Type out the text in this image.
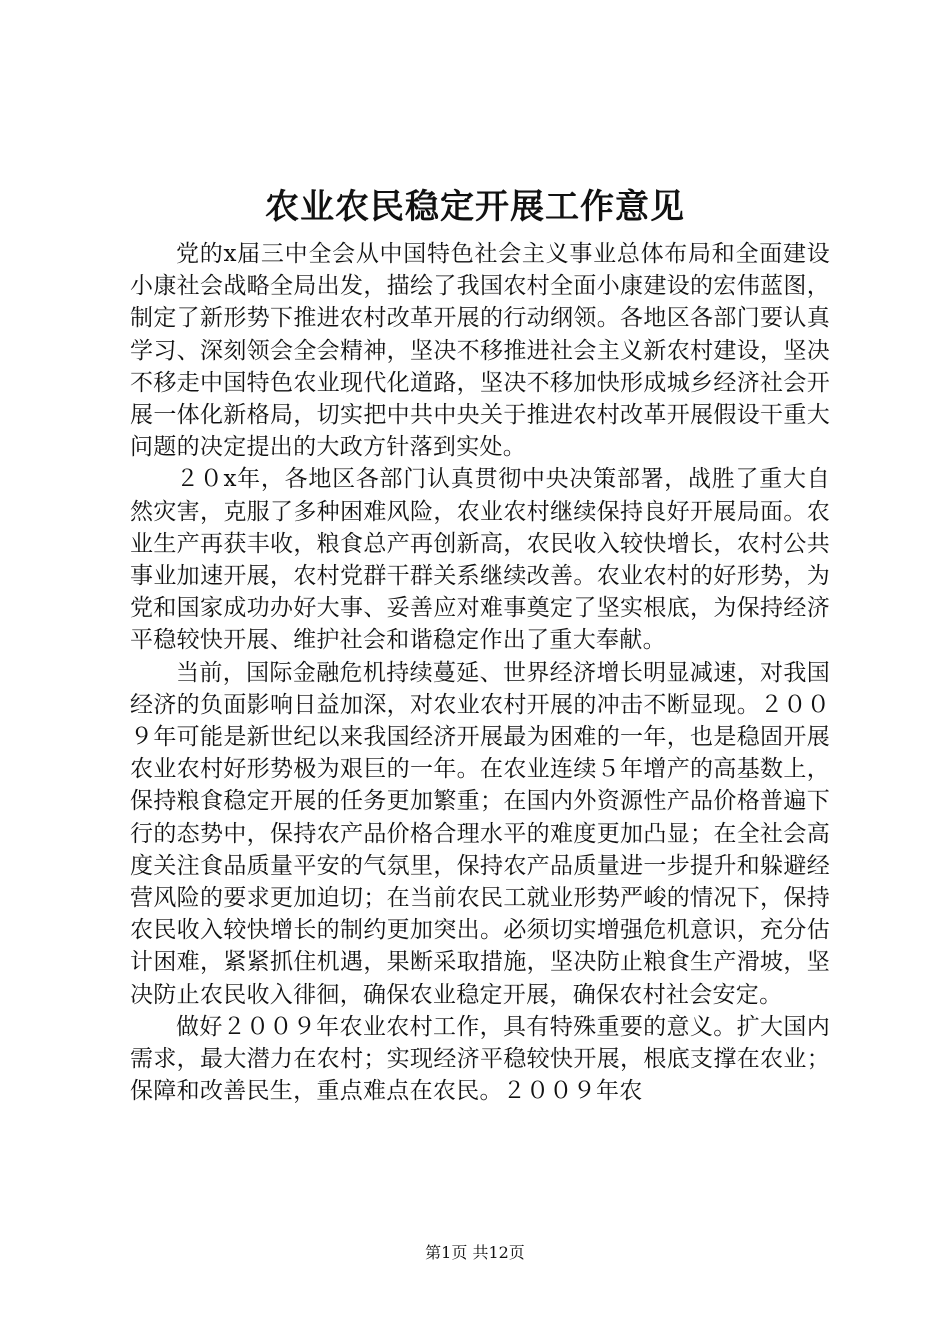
农业农民稳定开展工作意见

党的x届三中全会从中国特色社会主义事业总体布局和全面建设小康社会战略全局出发，描绘了我国农村全面小康建设的宏伟蓝图，制定了新形势下推进农村改革开展的行动纲领。各地区各部门要认真学习、深刻领会全会精神，坚决不移推进社会主义新农村建设，坚决不移走中国特色农业现代化道路，坚决不移加快形成城乡经济社会开展一体化新格局，切实把中共中央关于推进农村改革开展假设干重大问题的决定提出的大政方针落到实处。

２０x年，各地区各部门认真贯彻中央决策部署，战胜了重大自然灾害，克服了多种困难风险，农业农村继续保持良好开展局面。农业生产再获丰收，粮食总产再创新高，农民收入较快增长，农村公共事业加速开展，农村党群干群关系继续改善。农业农村的好形势，为党和国家成功办好大事、妥善应对难事奠定了坚实根底，为保持经济平稳较快开展、维护社会和谐稳定作出了重大奉献。

当前，国际金融危机持续蔓延、世界经济增长明显减速，对我国经济的负面影响日益加深，对农业农村开展的冲击不断显现。２００９年可能是新世纪以来我国经济开展最为困难的一年，也是稳固开展农业农村好形势极为艰巨的一年。在农业连续５年增产的高基数上，保持粮食稳定开展的任务更加繁重；在国内外资源性产品价格普遍下行的态势中，保持农产品价格合理水平的难度更加凸显；在全社会高度关注食品质量平安的气氛里，保持农产品质量进一步提升和躲避经营风险的要求更加迫切；在当前农民工就业形势严峻的情况下，保持农民收入较快增长的制约更加突出。必须切实增强危机意识，充分估计困难，紧紧抓住机遇，果断采取措施，坚决防止粮食生产滑坡，坚决防止农民收入徘徊，确保农业稳定开展，确保农村社会安定。

做好２００９年农业农村工作，具有特殊重要的意义。扩大国内需求，最大潜力在农村；实现经济平稳较快开展，根底支撑在农业；保障和改善民生，重点难点在农民。２００９年农

第1页 共12页
